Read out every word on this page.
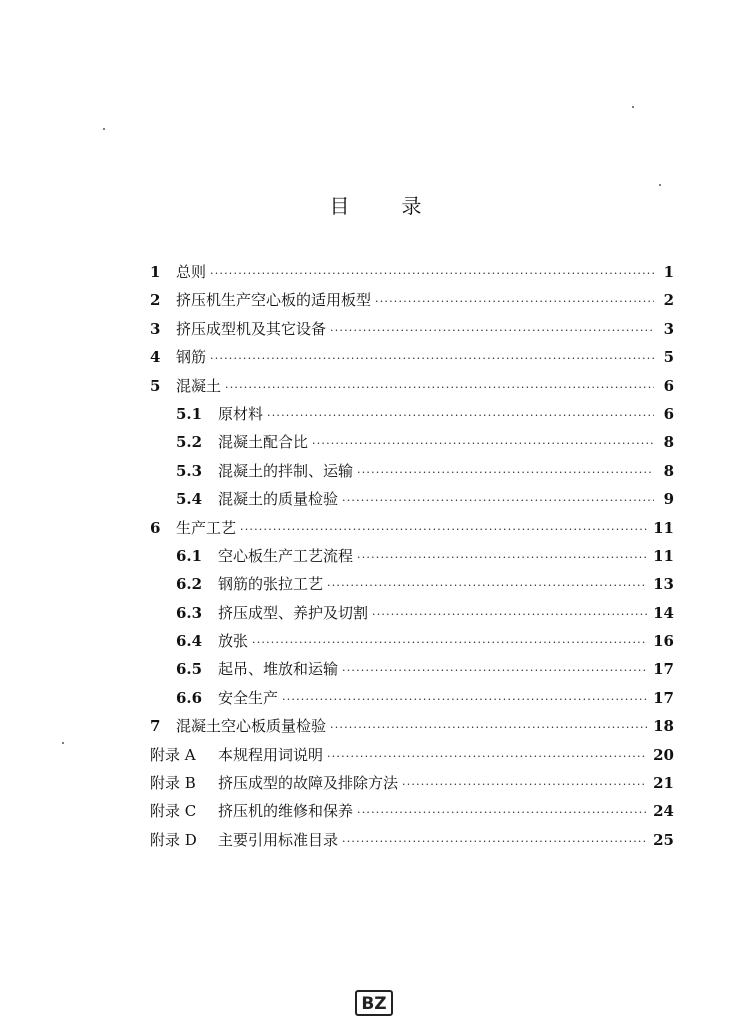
目	录
1	总则 ·····	1
2	挤压机生产空心板的适用板型 ·····	2
3	挤压成型机及其它设备 ·····	3
4	钢筋 ·····	5
5	混凝土 ·····	6
5.1	原材料 ·····	6
5.2	混凝土配合比 ·····	8
5.3	混凝土的拌制、运输 ·····	8
5.4	混凝土的质量检验 ·····	9
6	生产工艺 ·····	11
6.1	空心板生产工艺流程 ·····	11
6.2	钢筋的张拉工艺 ·····	13
6.3	挤压成型、养护及切割 ·····	14
6.4	放张 ·····	16
6.5	起吊、堆放和运输 ·····	17
6.6	安全生产 ·····	17
7	混凝土空心板质量检验 ·····	18
附录 A	本规程用词说明 ·····	20
附录 B	挤压成型的故障及排除方法 ·····	21
附录 C	挤压机的维修和保养 ·····	24
附录 D	主要引用标准目录 ·····	25
BZ
